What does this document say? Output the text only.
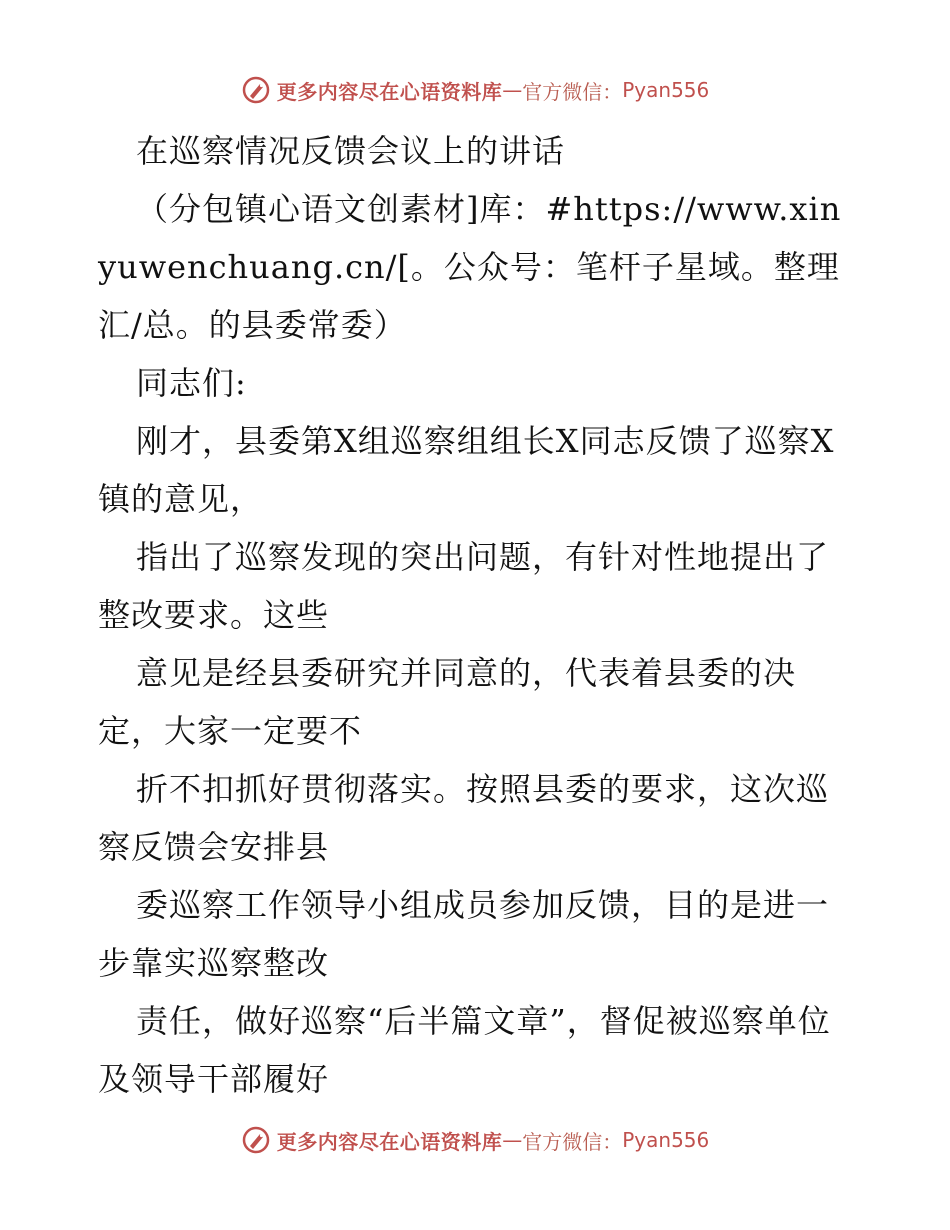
更多内容尽在心语资料库 — 官方微信： Pyan556

在巡察情况反馈会议上的讲话

（分包镇心语文创素材]库：#https://www.xinyuwenchuang.cn/[。公众号：笔杆子星域。整理汇/总。的县委常委）

同志们:

刚才，县委第X组巡察组组长X同志反馈了巡察X镇的意见，

指出了巡察发现的突出问题，有针对性地提出了整改要求。这些

意见是经县委研究并同意的，代表着县委的决定，大家一定要不

折不扣抓好贯彻落实。按照县委的要求，这次巡察反馈会安排县

委巡察工作领导小组成员参加反馈，目的是进一步靠实巡察整改

责任，做好巡察“后半篇文章”，督促被巡察单位及领导干部履好

更多内容尽在心语资料库 — 官方微信： Pyan556
